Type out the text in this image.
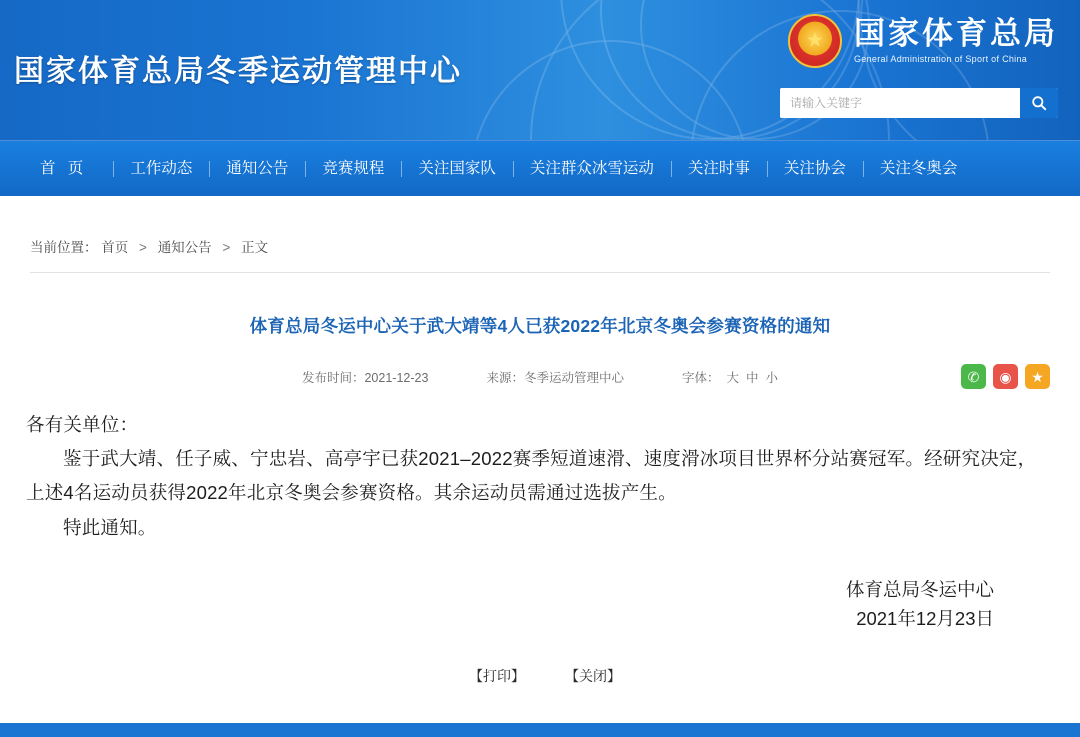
国家体育总局冬季运动管理中心
★
国家体育总局
General Administration of Sport of China
请输入关键字
首 页	工作动态	通知公告	竞赛规程	关注国家队	关注群众冰雪运动	关注时事	关注协会	关注冬奥会
当前位置： 首页 > 通知公告 > 正文
体育总局冬运中心关于武大靖等4人已获2022年北京冬奥会参赛资格的通知
发布时间：2021-12-23	来源：冬季运动管理中心	字体： 大 中 小	✆	◉	★

各有关单位：

鉴于武大靖、任子威、宁忠岩、高亭宇已获2021–2022赛季短道速滑、速度滑冰项目世界杯分站赛冠军。经研究决定，上述4名运动员获得2022年北京冬奥会参赛资格。其余运动员需通过选拔产生。

特此通知。

体育总局冬运中心
2021年12月23日
【打印】	【关闭】
